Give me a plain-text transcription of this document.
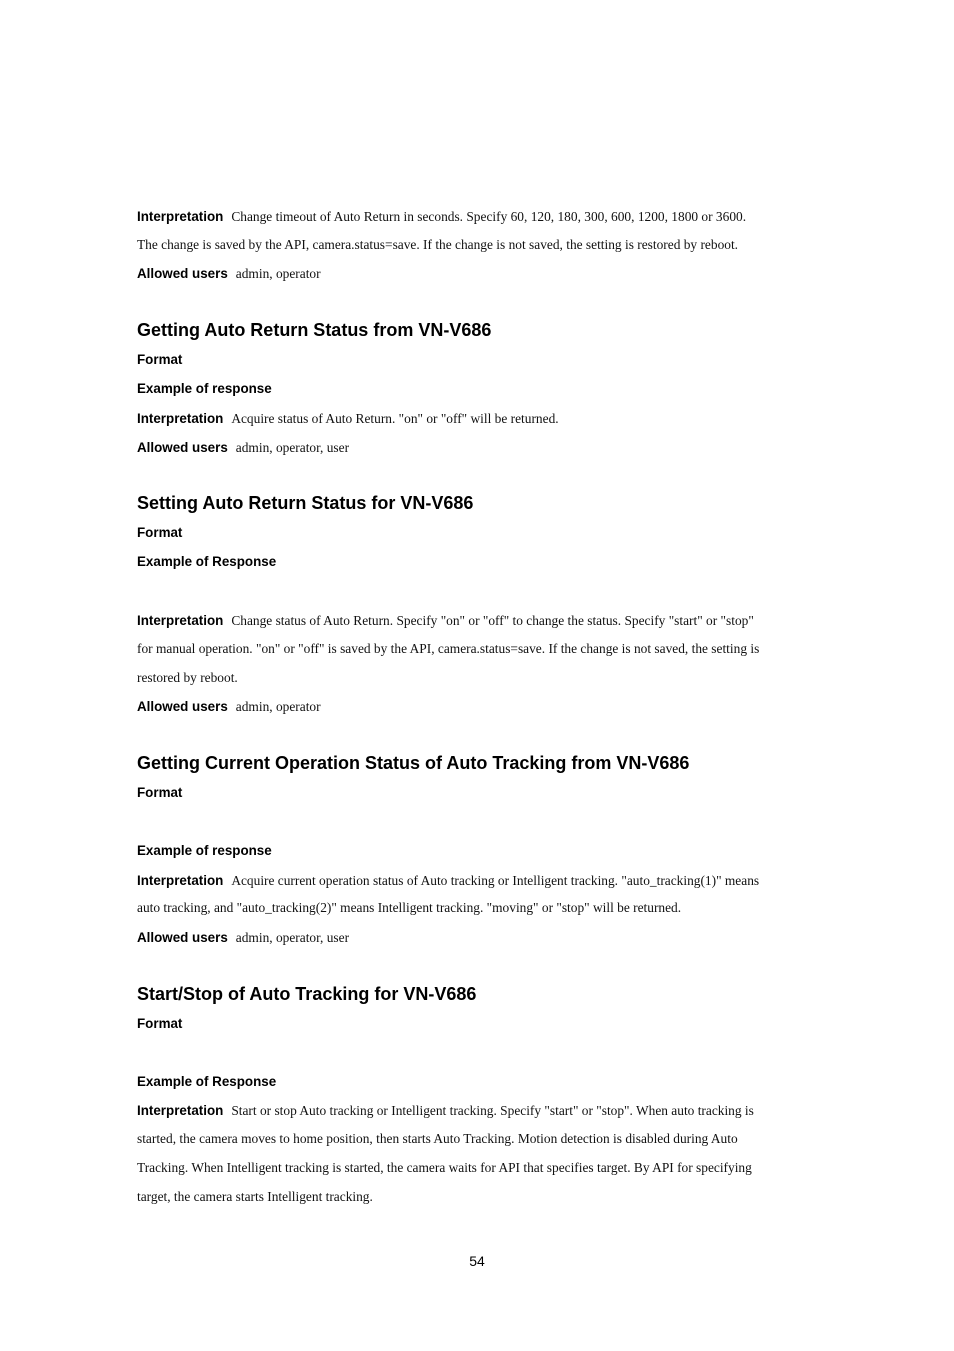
Interpretation Change timeout of Auto Return in seconds. Specify 60, 120, 180, 300, 600, 1200, 1800 or 3600.
The change is saved by the API, camera.status=save. If the change is not saved, the setting is restored by reboot.
Allowed users admin, operator
Getting Auto Return Status from VN-V686
Format
Example of response
Interpretation Acquire status of Auto Return. "on" or "off" will be returned.
Allowed users admin, operator, user
Setting Auto Return Status for VN-V686
Format
Example of Response
Interpretation Change status of Auto Return. Specify "on" or "off" to change the status. Specify "start" or "stop"
for manual operation. "on" or "off" is saved by the API, camera.status=save. If the change is not saved, the setting is
restored by reboot.
Allowed users admin, operator
Getting Current Operation Status of Auto Tracking from VN-V686
Format
Example of response
Interpretation Acquire current operation status of Auto tracking or Intelligent tracking. "auto_tracking(1)" means
auto tracking, and "auto_tracking(2)" means Intelligent tracking. "moving" or "stop" will be returned.
Allowed users admin, operator, user
Start/Stop of Auto Tracking for VN-V686
Format
Example of Response
Interpretation Start or stop Auto tracking or Intelligent tracking. Specify "start" or "stop". When auto tracking is
started, the camera moves to home position, then starts Auto Tracking. Motion detection is disabled during Auto
Tracking. When Intelligent tracking is started, the camera waits for API that specifies target. By API for specifying
target, the camera starts Intelligent tracking.
54
